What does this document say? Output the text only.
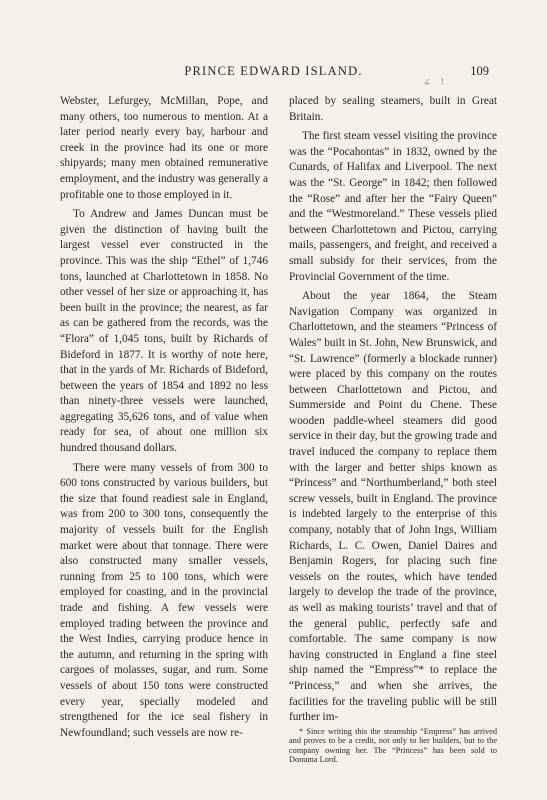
PRINCE EDWARD ISLAND.	109
∠ !

Webster, Lefurgey, McMillan, Pope, and many others, too numerous to mention. At a later period nearly every bay, harbour and creek in the province had its one or more shipyards; many men obtained remunerative employment, and the industry was generally a profitable one to those employed in it.

To Andrew and James Duncan must be given the distinction of having built the largest vessel ever constructed in the province. This was the ship “Ethel” of 1,746 tons, launched at Charlottetown in 1858. No other vessel of her size or approaching it, has been built in the province; the nearest, as far as can be gathered from the records, was the “Flora” of 1,045 tons, built by Richards of Bideford in 1877. It is worthy of note here, that in the yards of Mr. Richards of Bideford, between the years of 1854 and 1892 no less than ninety-three vessels were launched, aggregating 35,626 tons, and of value when ready for sea, of about one million six hundred thousand dollars.

There were many vessels of from 300 to 600 tons constructed by various builders, but the size that found readiest sale in England, was from 200 to 300 tons, consequently the majority of vessels built for the English market were about that tonnage. There were also constructed many smaller vessels, running from 25 to 100 tons, which were employed for coasting, and in the provincial trade and fishing. A few vessels were employed trading between the province and the West Indies, carrying produce hence in the autumn, and returning in the spring with cargoes of molasses, sugar, and rum. Some vessels of about 150 tons were constructed every year, specially modeled and strengthened for the ice seal fishery in Newfoundland; such vessels are now re-

placed by sealing steamers, built in Great Britain.

The first steam vessel visiting the province was the “Pocahontas” in 1832, owned by the Cunards, of Halifax and Liverpool. The next was the “St. George” in 1842; then followed the “Rose” and after her the “Fairy Queen” and the “Westmoreland.” These vessels plied between Charlottetown and Pictou, carrying mails, passengers, and freight, and received a small subsidy for their services, from the Provincial Government of the time.

About the year 1864, the Steam Navigation Company was organized in Charlottetown, and the steamers “Princess of Wales” built in St. John, New Brunswick, and “St. Lawrence” (formerly a blockade runner) were placed by this company on the routes between Charlottetown and Pictou, and Summerside and Point du Chene. These wooden paddle-wheel steamers did good service in their day, but the growing trade and travel induced the company to replace them with the larger and better ships known as “Princess” and “Northumberland,” both steel screw vessels, built in England. The province is indebted largely to the enterprise of this company, notably that of John Ings, William Richards, L. C. Owen, Daniel Daires and Benjamin Rogers, for placing such fine vessels on the routes, which have tended largely to develop the trade of the province, as well as making tourists’ travel and that of the general public, perfectly safe and comfortable. The same company is now having constructed in England a fine steel ship named the “Empress”* to replace the “Princess,” and when she arrives, the facilities for the traveling public will be still further im-

* Since writing this the steamship “Empress” has arrived and proves to be a credit, not only to her builders, but to the company owning her. The “Princess” has been sold to Donuma Lord.
